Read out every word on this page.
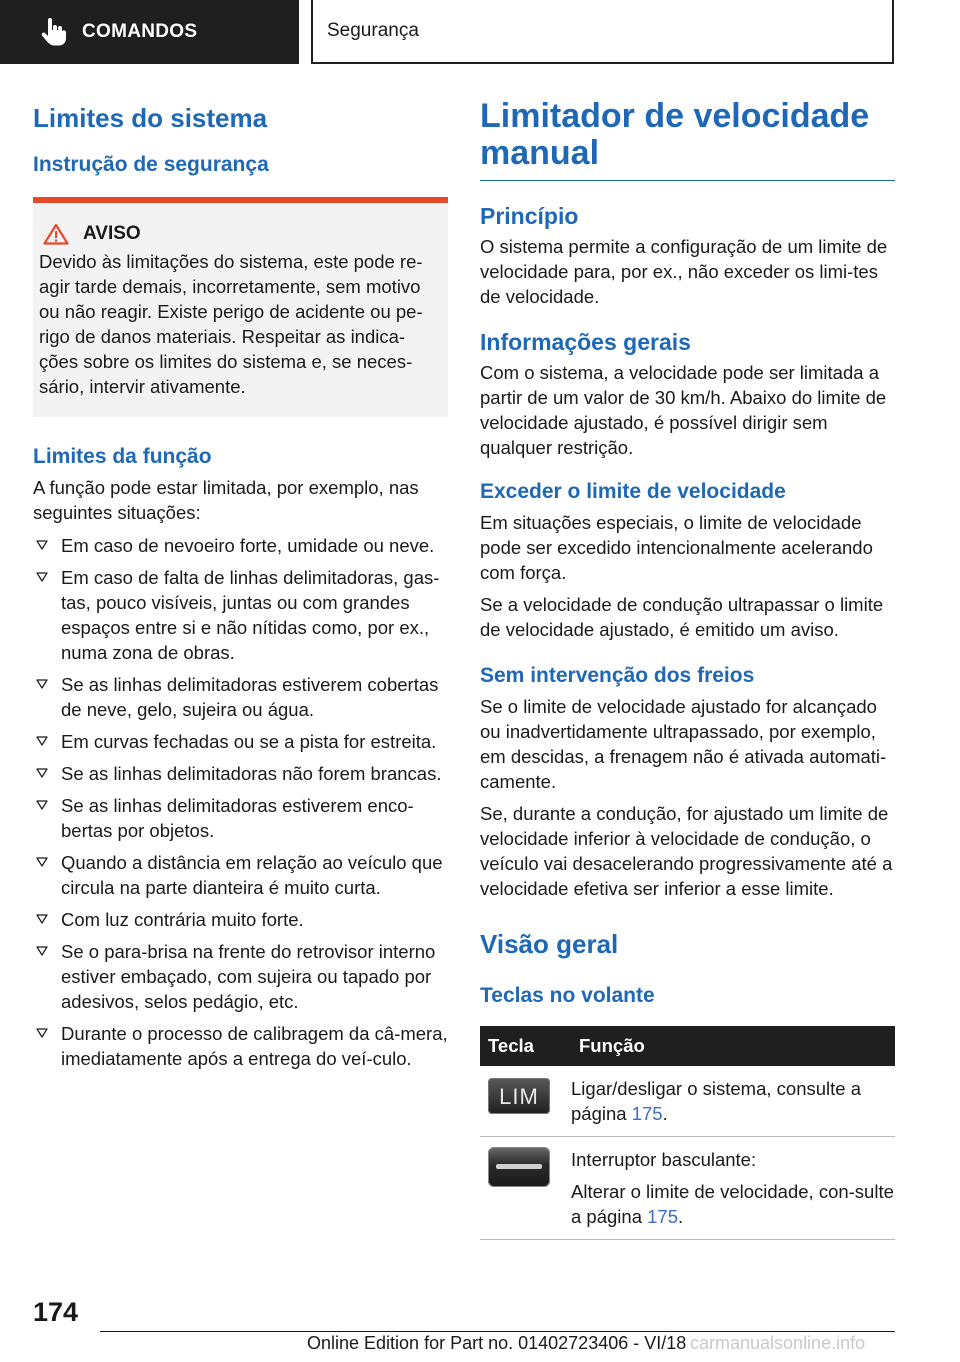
COMANDOS	Segurança
Limites do sistema
Instrução de segurança
AVISO

Devido às limitações do sistema, este pode re-agir tarde demais, incorretamente, sem motivo ou não reagir. Existe perigo de acidente ou pe-rigo de danos materiais. Respeitar as indica-ções sobre os limites do sistema e, se neces-sário, intervir ativamente.

Limites da função

A função pode estar limitada, por exemplo, nas seguintes situações:

Em caso de nevoeiro forte, umidade ou neve.
Em caso de falta de linhas delimitadoras, gas-tas, pouco visíveis, juntas ou com grandes espaços entre si e não nítidas como, por ex., numa zona de obras.
Se as linhas delimitadoras estiverem cobertas de neve, gelo, sujeira ou água.
Em curvas fechadas ou se a pista for estreita.
Se as linhas delimitadoras não forem brancas.
Se as linhas delimitadoras estiverem enco-bertas por objetos.
Quando a distância em relação ao veículo que circula na parte dianteira é muito curta.
Com luz contrária muito forte.
Se o para-brisa na frente do retrovisor interno estiver embaçado, com sujeira ou tapado por adesivos, selos pedágio, etc.
Durante o processo de calibragem da câ-mera, imediatamente após a entrega do veí-culo.
Limitador de velocidade
manual
Princípio

O sistema permite a configuração de um limite de velocidade para, por ex., não exceder os limi-tes de velocidade.

Informações gerais

Com o sistema, a velocidade pode ser limitada a partir de um valor de 30 km/h. Abaixo do limite de velocidade ajustado, é possível dirigir sem qualquer restrição.

Exceder o limite de velocidade

Em situações especiais, o limite de velocidade pode ser excedido intencionalmente acelerando com força.

Se a velocidade de condução ultrapassar o limite de velocidade ajustado, é emitido um aviso.

Sem intervenção dos freios

Se o limite de velocidade ajustado for alcançado ou inadvertidamente ultrapassado, por exemplo, em descidas, a frenagem não é ativada automati-camente.

Se, durante a condução, for ajustado um limite de velocidade inferior à velocidade de condução, o veículo vai desacelerando progressivamente até a velocidade efetiva ser inferior a esse limite.

Visão geral
Teclas no volante
Tecla	Função

LIM	Ligar/desligar o sistema, consulte a página 175.

	Interruptor basculante:
Alterar o limite de velocidade, con-sulte a página 175.
174
Online Edition for Part no. 01402723406 - VI/18 carmanualsonline.info
